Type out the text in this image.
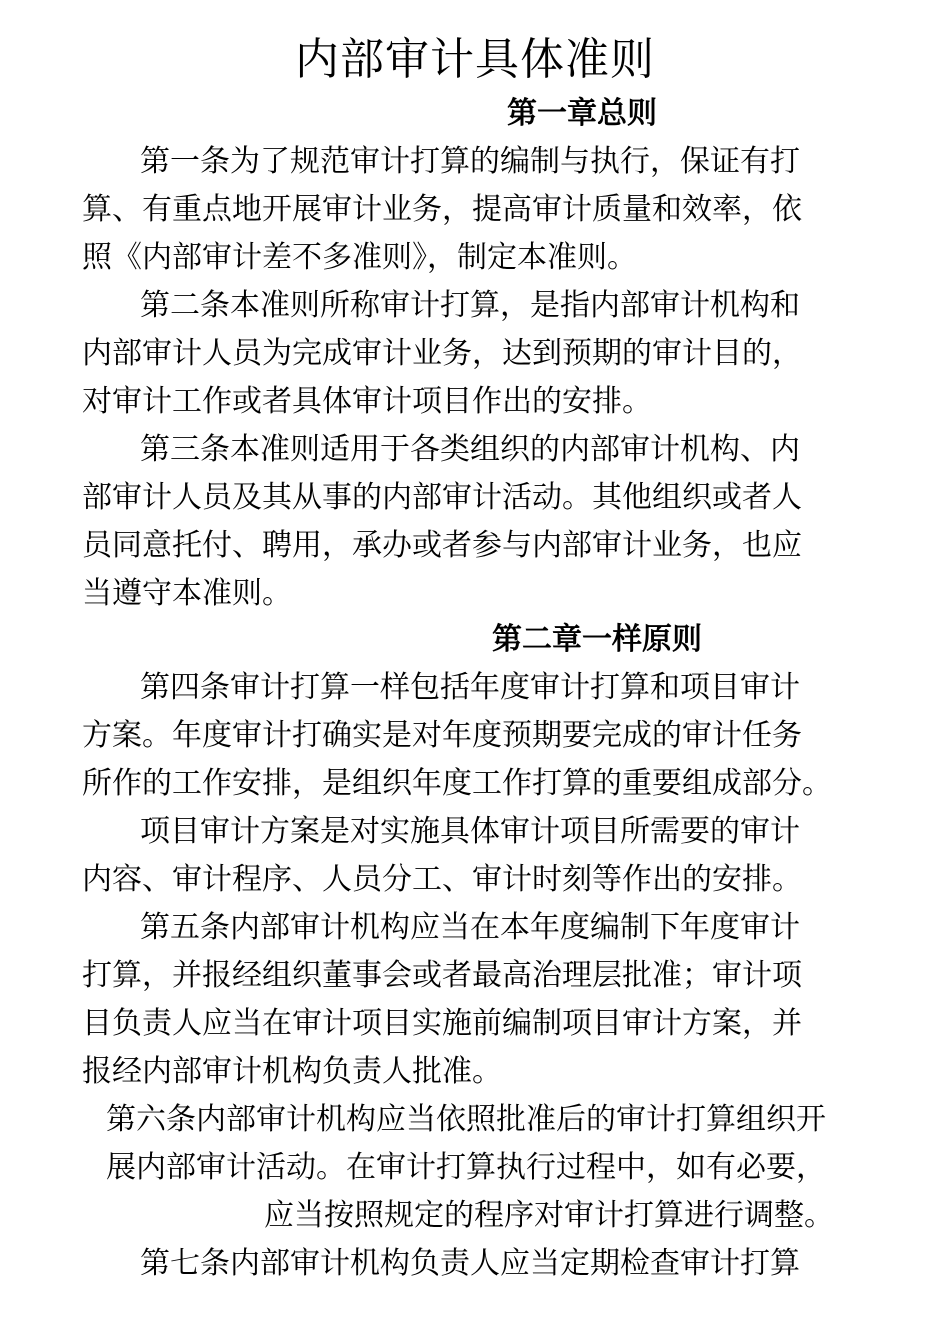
内部审计具体准则
第一章总则

第一条为了规范审计打算的编制与执行，保证有打

算、有重点地开展审计业务，提高审计质量和效率，依

照《内部审计差不多准则》，制定本准则。

第二条本准则所称审计打算，是指内部审计机构和

内部审计人员为完成审计业务，达到预期的审计目的，

对审计工作或者具体审计项目作出的安排。

第三条本准则适用于各类组织的内部审计机构、内

部审计人员及其从事的内部审计活动。其他组织或者人

员同意托付、聘用，承办或者参与内部审计业务，也应

当遵守本准则。

第二章一样原则

第四条审计打算一样包括年度审计打算和项目审计

方案。年度审计打确实是对年度预期要完成的审计任务

所作的工作安排，是组织年度工作打算的重要组成部分。

项目审计方案是对实施具体审计项目所需要的审计

内容、审计程序、人员分工、审计时刻等作出的安排。

第五条内部审计机构应当在本年度编制下年度审计

打算，并报经组织董事会或者最高治理层批准；审计项

目负责人应当在审计项目实施前编制项目审计方案，并

报经内部审计机构负责人批准。

第六条内部审计机构应当依照批准后的审计打算组织开

展内部审计活动。在审计打算执行过程中，如有必要，

应当按照规定的程序对审计打算进行调整。

第七条内部审计机构负责人应当定期检查审计打算
